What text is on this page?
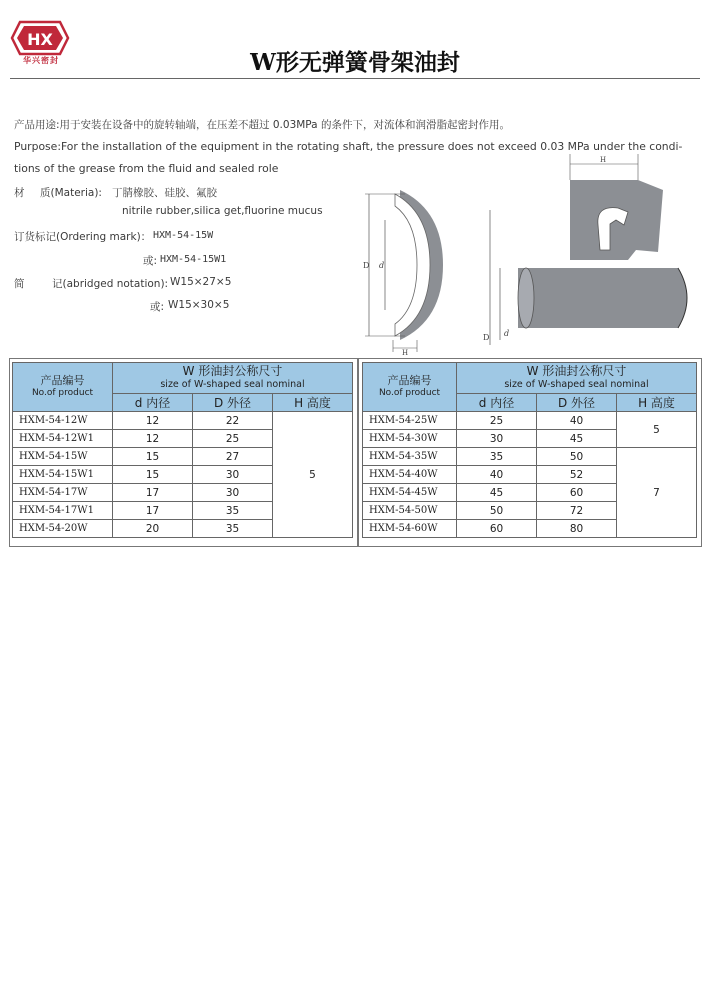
HX
华兴密封	W形无弹簧骨架油封
产品用途:用于安装在设备中的旋转轴端，在压差不超过 0.03MPa 的条件下，对流体和润滑脂起密封作用。
Purpose:For the installation of the equipment in the rotating shaft, the pressure does not exceed 0.03 MPa under the condi-
tions of the grease from the fluid and sealed role
材 质(Materia): 丁腈橡胶、硅胶、氟胶
nitrile rubber,silica get,fluorine mucus
订货标记(Ordering mark)： HXM-54-15W
或: HXM-54-15W1
简	记(abridged notation): W15×27×5
或: W15×30×5
D d
H
H
D d
产品编号
No.of product	W 形油封公称尺寸
size of W-shaped seal nominal		

	d 内径	D 外径	H 高度
HXM-54-12W	12	22	5
HXM-54-12W1	12	25	
HXM-54-15W	15	27	
HXM-54-15W1	15	30	
HXM-54-17W	17	30	
HXM-54-17W1	17	35	
HXM-54-20W	20	35	
产品编号
No.of product	W 形油封公称尺寸
size of W-shaped seal nominal		

	d 内径	D 外径	H 高度
HXM-54-25W	25	40	5
HXM-54-30W	30	45	
HXM-54-35W	35	50	7
HXM-54-40W	40	52	
HXM-54-45W	45	60	
HXM-54-50W	50	72	
HXM-54-60W	60	80	
